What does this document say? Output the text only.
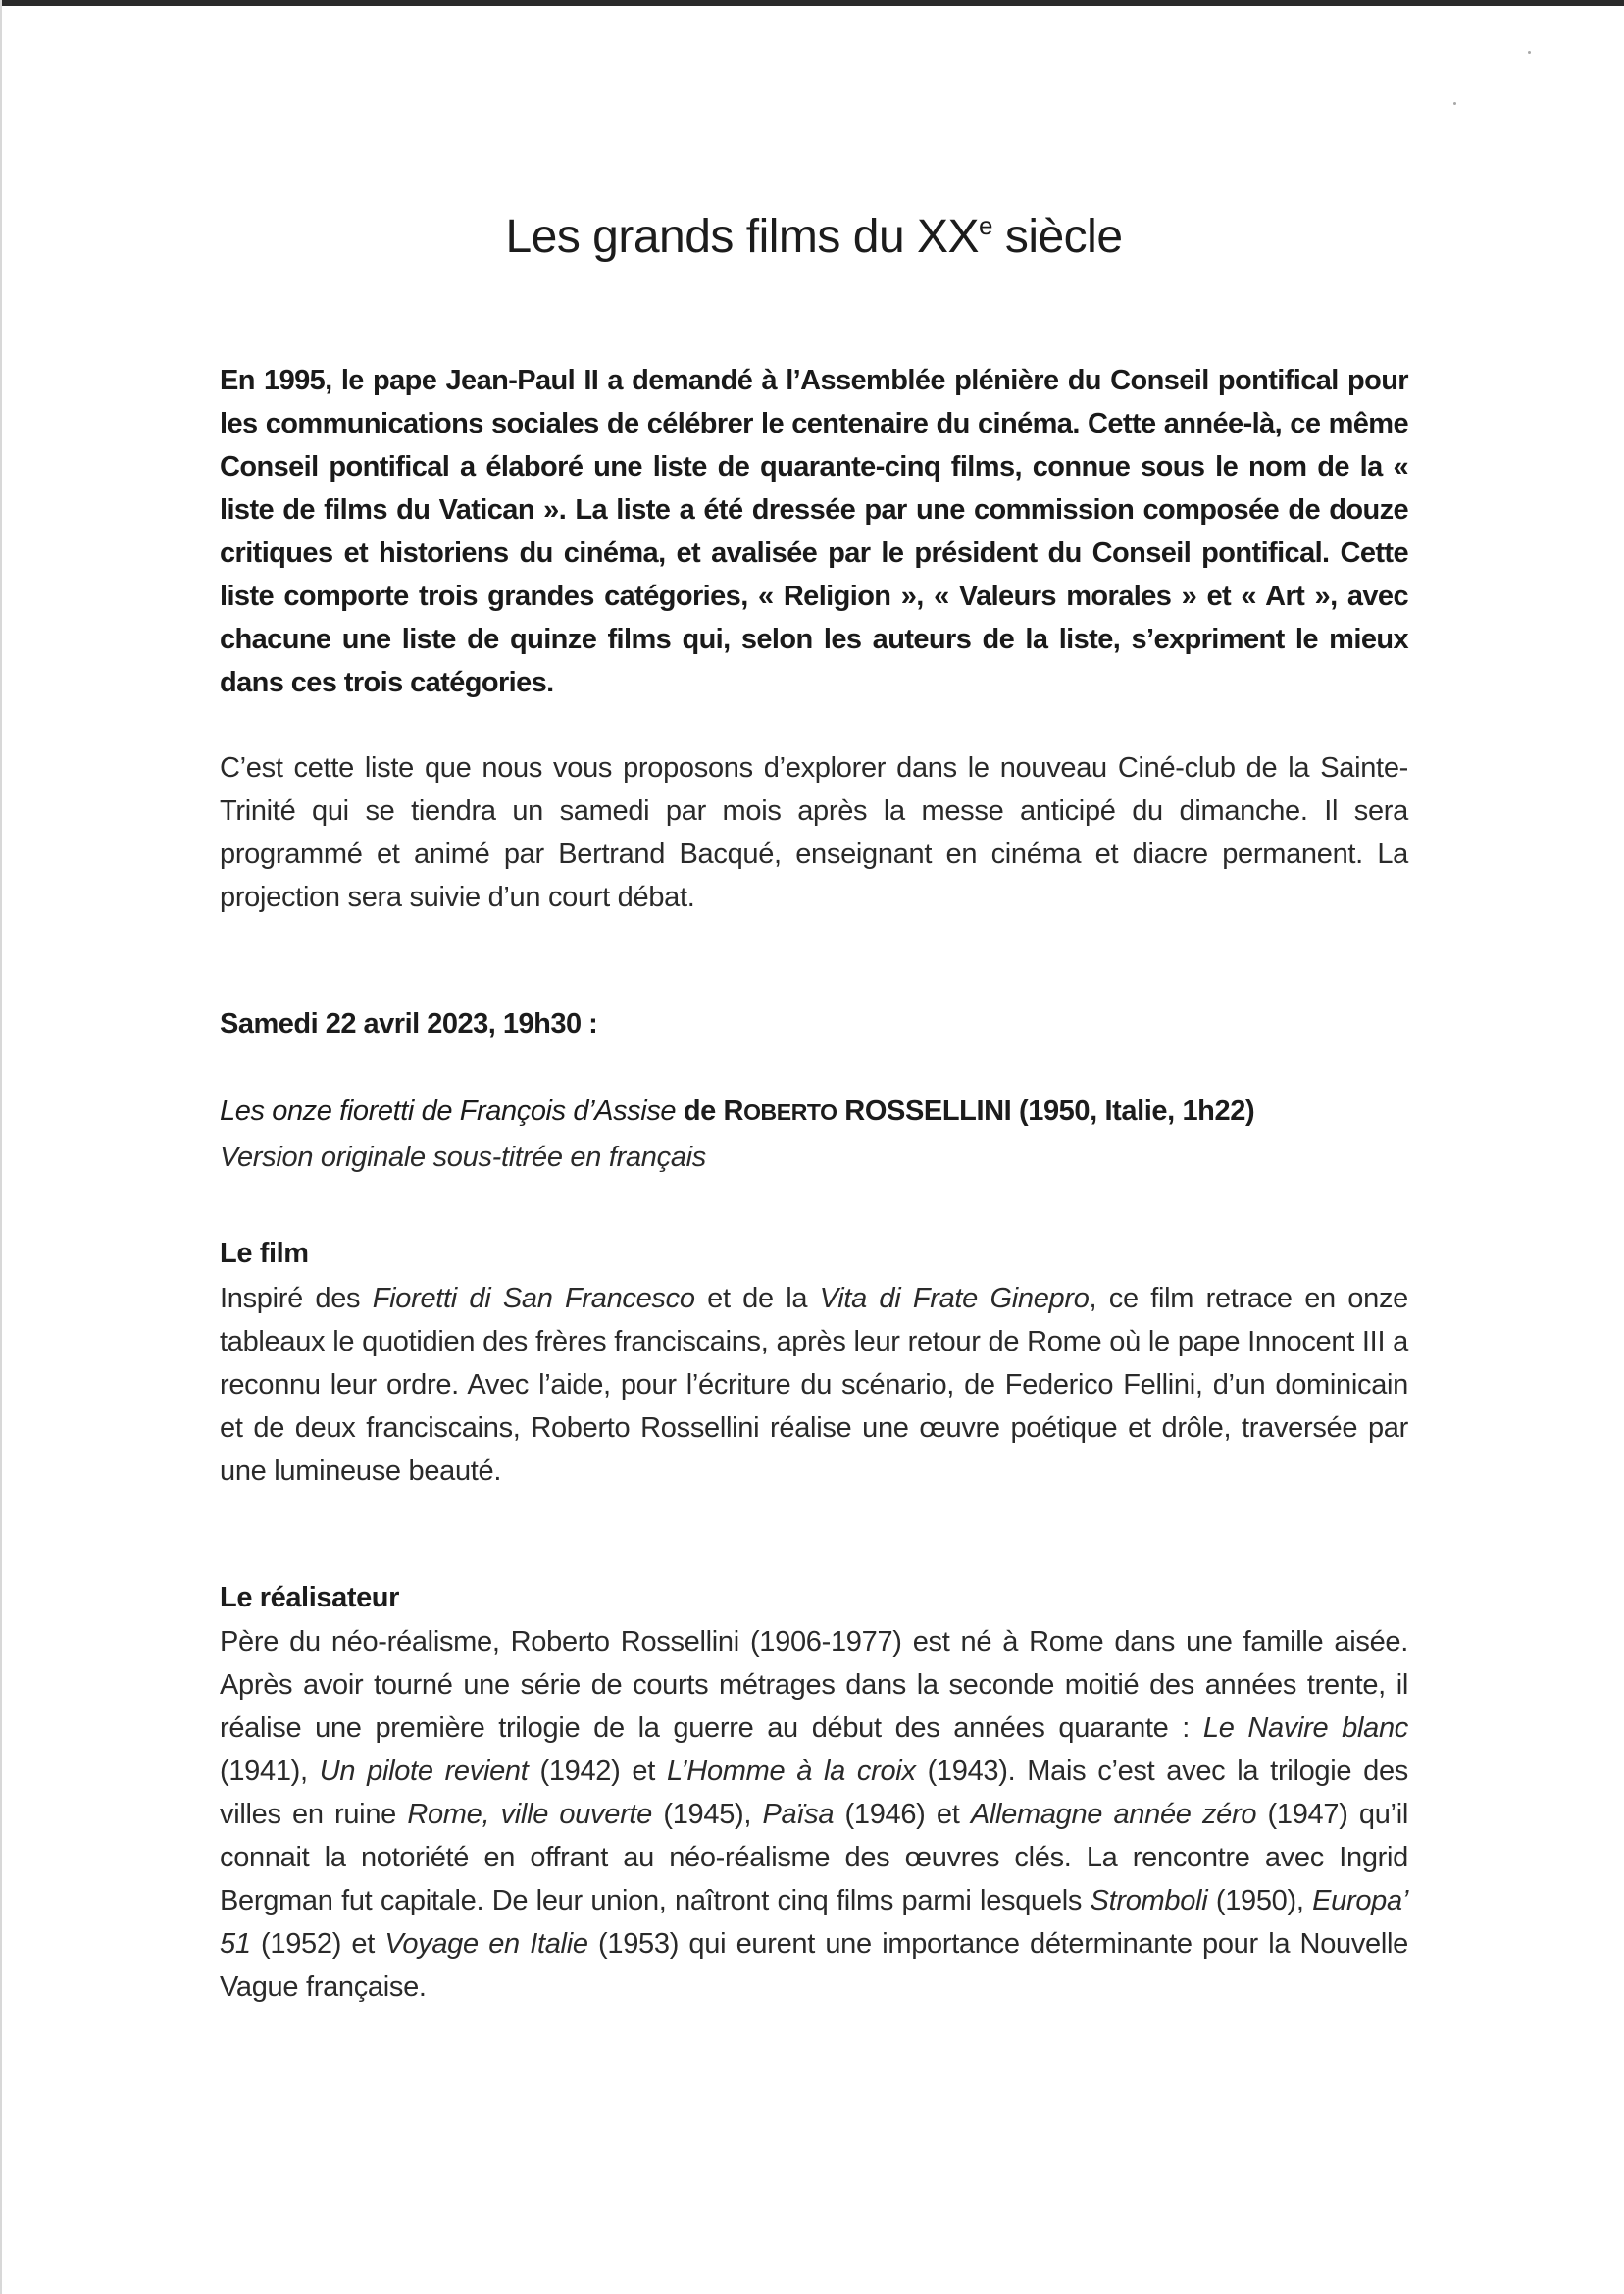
Les grands films du XXe siècle

En 1995, le pape Jean-Paul II a demandé à l’Assemblée plénière du Conseil pontifical pour les communications sociales de célébrer le centenaire du cinéma. Cette année-là, ce même Conseil pontifical a élaboré une liste de quarante-cinq films, connue sous le nom de la « liste de films du Vatican ». La liste a été dressée par une commission composée de douze critiques et historiens du cinéma, et avalisée par le président du Conseil pontifical. Cette liste comporte trois grandes catégories, « Religion », « Valeurs morales » et « Art », avec chacune une liste de quinze films qui, selon les auteurs de la liste, s’expriment le mieux dans ces trois catégories.

C’est cette liste que nous vous proposons d’explorer dans le nouveau Ciné-club de la Sainte-Trinité qui se tiendra un samedi par mois après la messe anticipé du dimanche. Il sera programmé et animé par Bertrand Bacqué, enseignant en cinéma et diacre permanent. La projection sera suivie d’un court débat.

Samedi 22 avril 2023, 19h30 :

Les onze fioretti de François d’Assise de ROBERTO ROSSELLINI (1950, Italie, 1h22)

Version originale sous-titrée en français

Le film

Inspiré des Fioretti di San Francesco et de la Vita di Frate Ginepro, ce film retrace en onze tableaux le quotidien des frères franciscains, après leur retour de Rome où le pape Innocent III a reconnu leur ordre. Avec l’aide, pour l’écriture du scénario, de Federico Fellini, d’un dominicain et de deux franciscains, Roberto Rossellini réalise une œuvre poétique et drôle, traversée par une lumineuse beauté.

Le réalisateur

Père du néo-réalisme, Roberto Rossellini (1906-1977) est né à Rome dans une famille aisée. Après avoir tourné une série de courts métrages dans la seconde moitié des années trente, il réalise une première trilogie de la guerre au début des années quarante : Le Navire blanc (1941), Un pilote revient (1942) et L’Homme à la croix (1943). Mais c’est avec la trilogie des villes en ruine Rome, ville ouverte (1945), Païsa (1946) et Allemagne année zéro (1947) qu’il connait la notoriété en offrant au néo-réalisme des œuvres clés. La rencontre avec Ingrid Bergman fut capitale. De leur union, naîtront cinq films parmi lesquels Stromboli (1950), Europa’ 51 (1952) et Voyage en Italie (1953) qui eurent une importance déterminante pour la Nouvelle Vague française.
